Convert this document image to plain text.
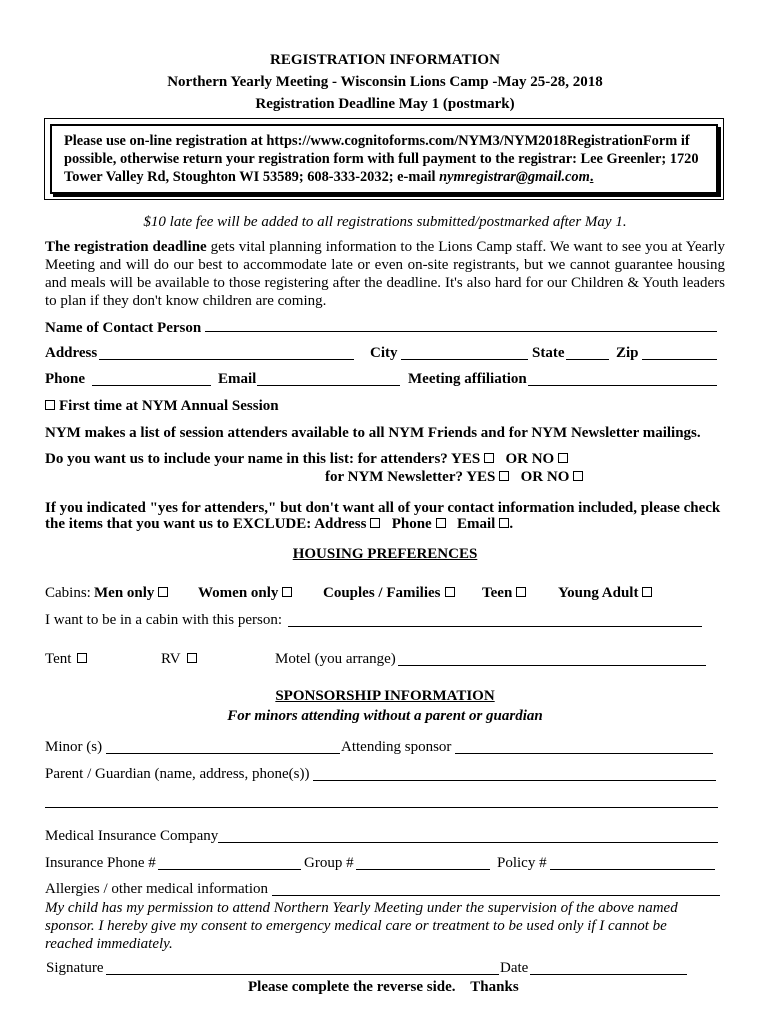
REGISTRATION INFORMATION
Northern Yearly Meeting - Wisconsin Lions Camp -May 25-28, 2018
Registration Deadline May 1 (postmark)
Please use on-line registration at https://www.cognitoforms.com/NYM3/NYM2018RegistrationForm if
possible, otherwise return your registration form with full payment to the registrar: Lee Greenler; 1720
Tower Valley Rd, Stoughton WI 53589; 608-333-2032; e-mail nymregistrar@gmail.com.
$10 late fee will be added to all registrations submitted/postmarked after May 1.
The registration deadline gets vital planning information to the Lions Camp staff. We want to see you at Yearly Meeting and will do our best to accommodate late or even on-site registrants, but we cannot guarantee housing and meals will be available to those registering after the deadline. It's also hard for our Children & Youth leaders to plan if they don't know children are coming.
Name of Contact Person
Address	City	State	Zip
Phone	Email	Meeting affiliation
First time at NYM Annual Session
NYM makes a list of session attenders available to all NYM Friends and for NYM Newsletter mailings.
Do you want us to include your name in this list: for attenders? YES OR NO
for NYM Newsletter? YES OR NO
If you indicated "yes for attenders," but don't want all of your contact information included, please check
the items that you want us to EXCLUDE: Address Phone Email .
HOUSING PREFERENCES
Cabins: Men only	Women only	Couples / Families	Teen	Young Adult
I want to be in a cabin with this person:
Tent	RV	Motel (you arrange)
SPONSORSHIP INFORMATION
For minors attending without a parent or guardian
Minor (s)	Attending sponsor
Parent / Guardian (name, address, phone(s))
Medical Insurance Company
Insurance Phone #	Group #	Policy #
Allergies / other medical information
My child has my permission to attend Northern Yearly Meeting under the supervision of the above named
sponsor. I hereby give my consent to emergency medical care or treatment to be used only if I cannot be
reached immediately.
Signature	Date
Please complete the reverse side.    Thanks
